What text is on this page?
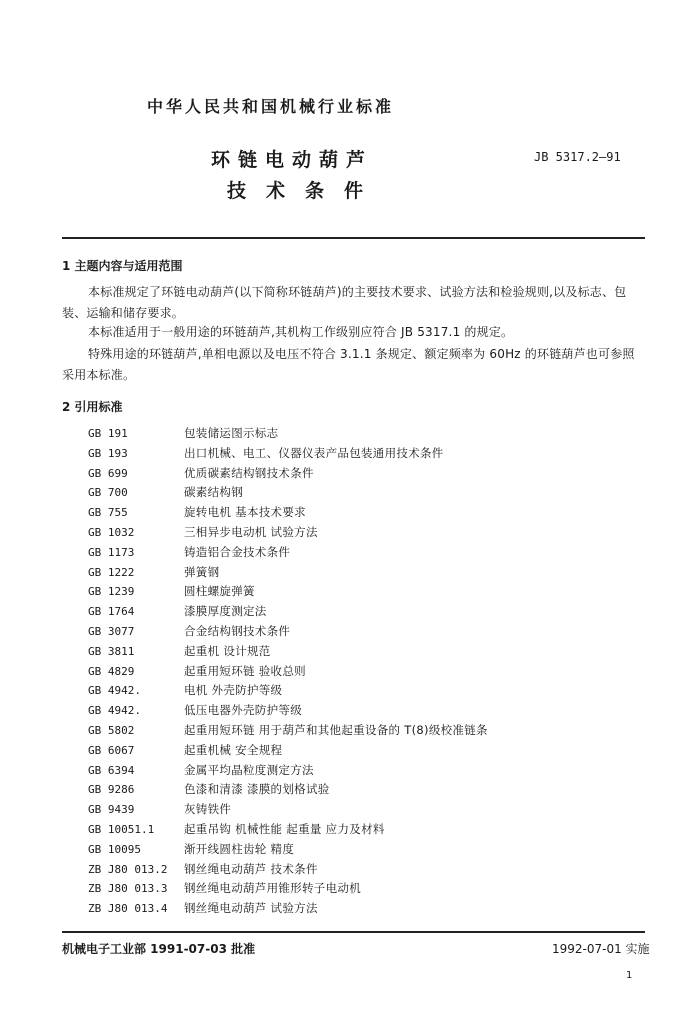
中华人民共和国机械行业标准
环链电动葫芦
技术条件
JB 5317.2—91
1 主题内容与适用范围
本标准规定了环链电动葫芦(以下简称环链葫芦)的主要技术要求、试验方法和检验规则,以及标志、包装、运输和储存要求。
本标准适用于一般用途的环链葫芦,其机构工作级别应符合 JB 5317.1 的规定。
特殊用途的环链葫芦,单相电源以及电压不符合 3.1.1 条规定、额定频率为 60Hz 的环链葫芦也可参照采用本标准。
2 引用标准
GB 191	包装储运图示标志
GB 193	出口机械、电工、仪器仪表产品包装通用技术条件
GB 699	优质碳素结构钢技术条件
GB 700	碳素结构钢
GB 755	旋转电机 基本技术要求
GB 1032	三相异步电动机 试验方法
GB 1173	铸造铝合金技术条件
GB 1222	弹簧钢
GB 1239	圆柱螺旋弹簧
GB 1764	漆膜厚度测定法
GB 3077	合金结构钢技术条件
GB 3811	起重机 设计规范
GB 4829	起重用短环链 验收总则
GB 4942.	电机 外壳防护等级
GB 4942.	低压电器外壳防护等级
GB 5802	起重用短环链 用于葫芦和其他起重设备的 T(8)级校准链条
GB 6067	起重机械 安全规程
GB 6394	金属平均晶粒度测定方法
GB 9286	色漆和清漆 漆膜的划格试验
GB 9439	灰铸铁件
GB 10051.1	起重吊钩 机械性能 起重量 应力及材料
GB 10095	渐开线圆柱齿轮 精度
ZB J80 013.2	钢丝绳电动葫芦 技术条件
ZB J80 013.3	钢丝绳电动葫芦用锥形转子电动机
ZB J80 013.4	钢丝绳电动葫芦 试验方法
机械电子工业部 1991-07-03 批准	1992-07-01 实施
1
